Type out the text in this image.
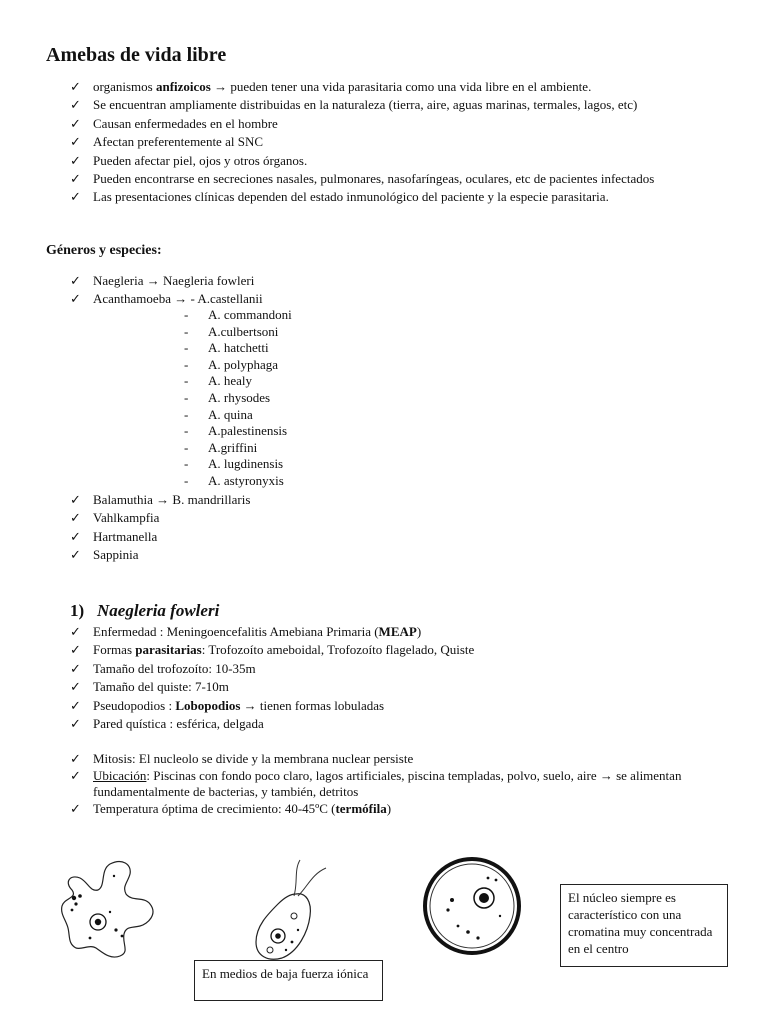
Amebas de vida libre
✓ organismos anfizoicos → pueden tener una vida parasitaria como una vida libre en el ambiente.
✓ Se encuentran ampliamente distribuidas en la naturaleza (tierra, aire, aguas marinas, termales, lagos, etc)
✓ Causan enfermedades en el hombre
✓ Afectan preferentemente al SNC
✓ Pueden afectar piel, ojos y otros órganos.
✓ Pueden encontrarse en secreciones nasales, pulmonares, nasofaríngeas, oculares, etc de pacientes infectados
✓ Las presentaciones clínicas dependen del estado inmunológico del paciente y la especie parasitaria.
Géneros y especies:
✓ Naegleria → Naegleria fowleri
✓ Acanthamoeba → - A.castellanii
- A. commandoni
- A.culbertsoni
- A. hatchetti
- A. polyphaga
- A. healy
- A. rhysodes
- A. quina
- A.palestinensis
- A.griffini
- A. lugdinensis
- A. astyronyxis
✓ Balamuthia → B. mandrillaris
✓ Vahlkampfia
✓ Hartmanella
✓ Sappinia
1) Naegleria fowleri
✓ Enfermedad : Meningoencefalitis Amebiana Primaria (MEAP)
✓ Formas parasitarias: Trofozoíto ameboidal, Trofozoíto flagelado, Quiste
✓ Tamaño del trofozoíto: 10-35m
✓ Tamaño del quiste: 7-10m
✓ Pseudopodios : Lobopodios → tienen formas lobuladas
✓ Pared quística : esférica, delgada
✓ Mitosis: El nucleolo se divide y la membrana nuclear persiste
✓ Ubicación: Piscinas con fondo poco claro, lagos artificiales, piscina templadas, polvo, suelo, aire → se alimentan fundamentalmente de bacterias, y también, detritos
✓ Temperatura óptima de crecimiento: 40-45ºC (termófila)
En medios de baja fuerza iónica
El núcleo siempre es característico con una cromatina muy concentrada en el centro
